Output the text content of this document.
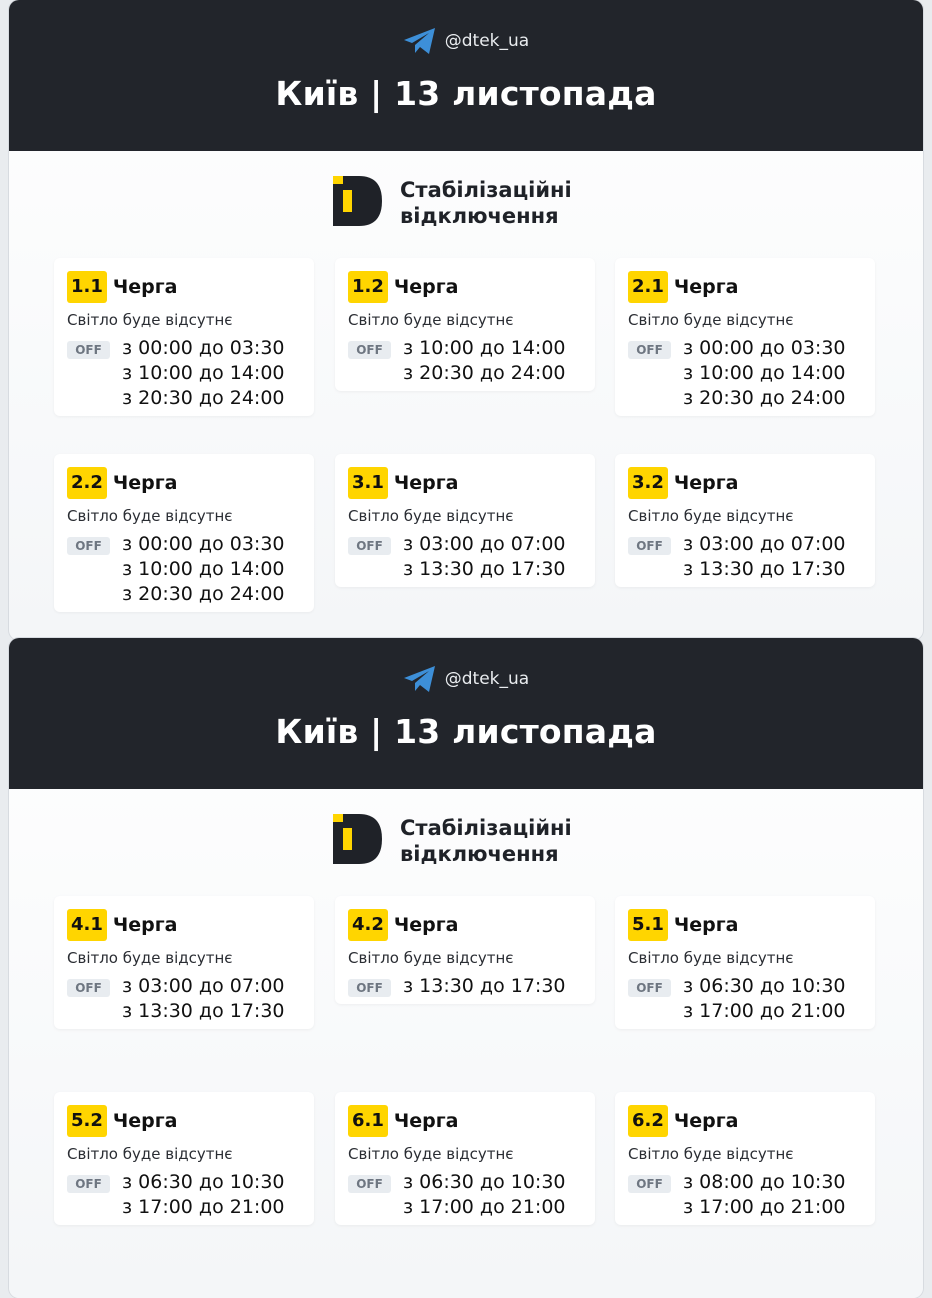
@dtek_ua
Київ | 13 листопада
Стабілізаційні
відключення
1.1 Черга
Світло буде відсутнє
OFF	з 00:00 до 03:30
з 10:00 до 14:00
з 20:30 до 24:00
1.2 Черга
Світло буде відсутнє
OFF	з 10:00 до 14:00
з 20:30 до 24:00
2.1 Черга
Світло буде відсутнє
OFF	з 00:00 до 03:30
з 10:00 до 14:00
з 20:30 до 24:00
2.2 Черга
Світло буде відсутнє
OFF	з 00:00 до 03:30
з 10:00 до 14:00
з 20:30 до 24:00
3.1 Черга
Світло буде відсутнє
OFF	з 03:00 до 07:00
з 13:30 до 17:30
3.2 Черга
Світло буде відсутнє
OFF	з 03:00 до 07:00
з 13:30 до 17:30
@dtek_ua
Київ | 13 листопада
Стабілізаційні
відключення
4.1 Черга
Світло буде відсутнє
OFF	з 03:00 до 07:00
з 13:30 до 17:30
4.2 Черга
Світло буде відсутнє
OFF	з 13:30 до 17:30
5.1 Черга
Світло буде відсутнє
OFF	з 06:30 до 10:30
з 17:00 до 21:00
5.2 Черга
Світло буде відсутнє
OFF	з 06:30 до 10:30
з 17:00 до 21:00
6.1 Черга
Світло буде відсутнє
OFF	з 06:30 до 10:30
з 17:00 до 21:00
6.2 Черга
Світло буде відсутнє
OFF	з 08:00 до 10:30
з 17:00 до 21:00
